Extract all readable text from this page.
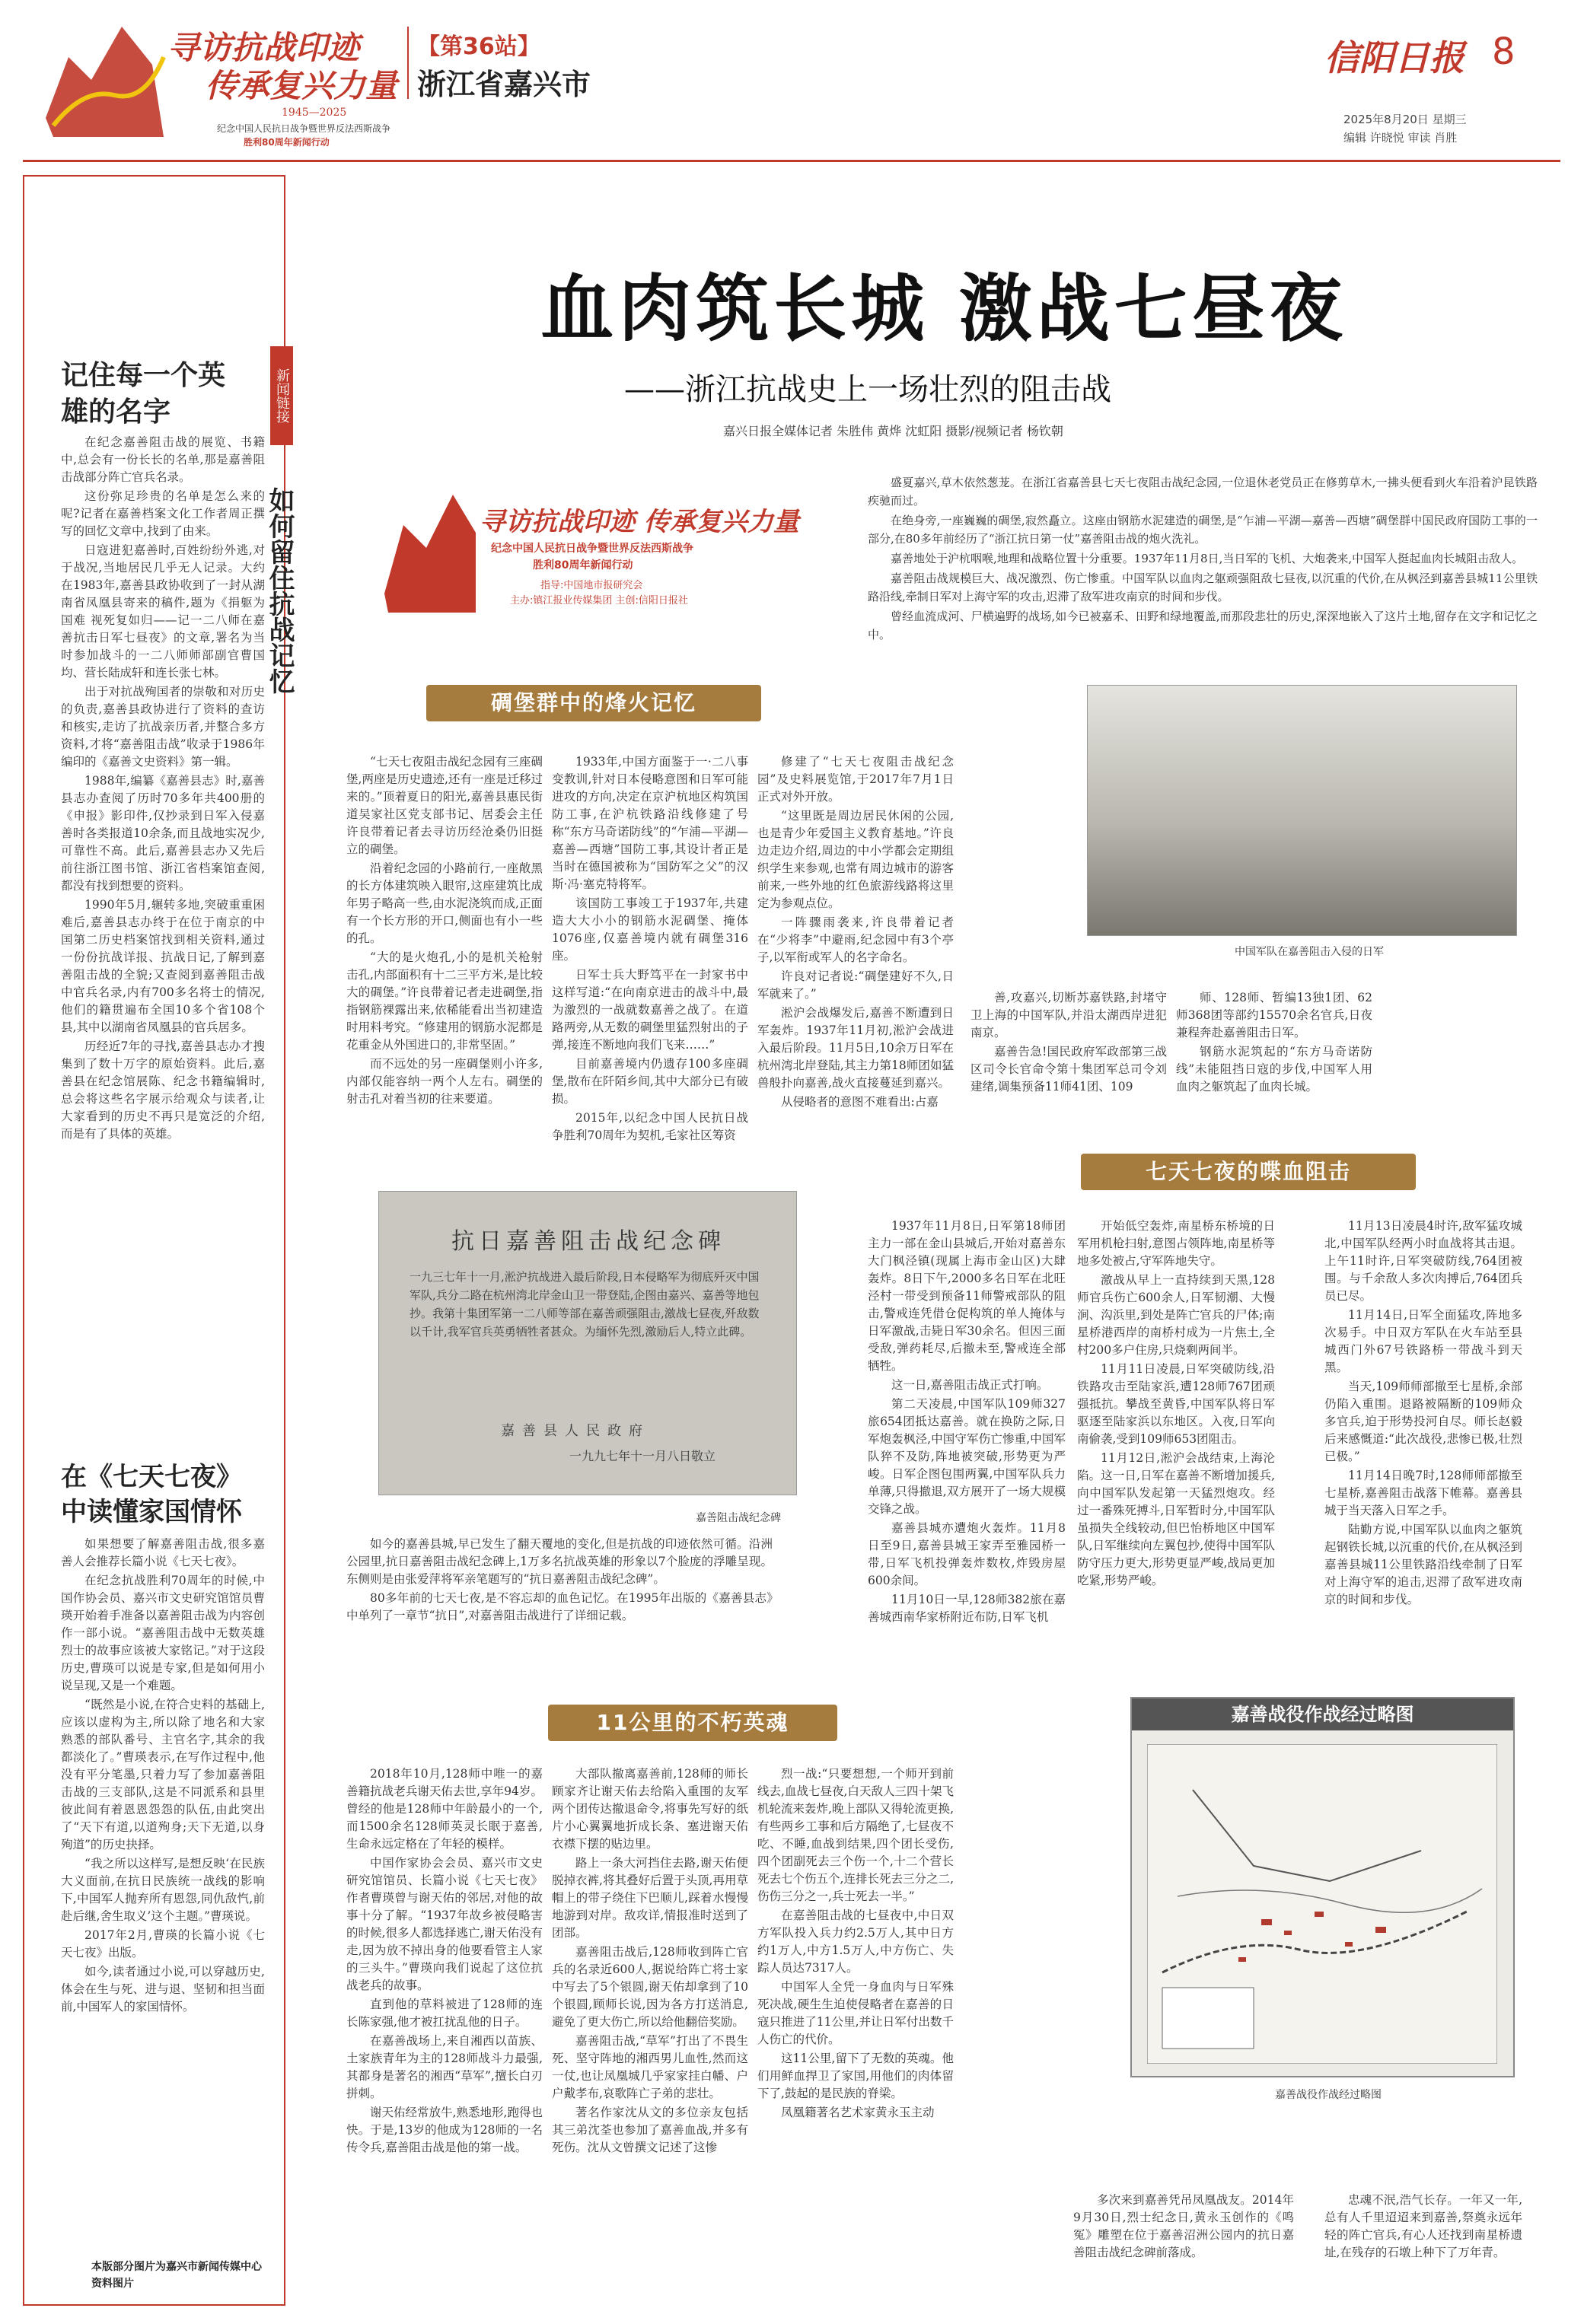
寻访抗战印迹
传承复兴力量
1945—2025
纪念中国人民抗日战争暨世界反法西斯战争
胜利80周年新闻行动
【第36站】
浙江省嘉兴市
信阳日报 8
2025年8月20日 星期三
编辑 许晓悦 审读 肖胜
新闻链接
如何留住抗战记忆
记住每一个英雄的名字

在纪念嘉善阻击战的展览、书籍中,总会有一份长长的名单,那是嘉善阻击战部分阵亡官兵名录。

这份弥足珍贵的名单是怎么来的呢?记者在嘉善档案文化工作者周正撰写的回忆文章中,找到了由来。

日寇进犯嘉善时,百姓纷纷外逃,对于战况,当地居民几乎无人记录。大约在1983年,嘉善县政协收到了一封从湖南省凤凰县寄来的稿件,题为《捐躯为国难 视死复如归——记一二八师在嘉善抗击日军七昼夜》的文章,署名为当时参加战斗的一二八师师部副官曹国均、营长陆成轩和连长张七林。

出于对抗战殉国者的崇敬和对历史的负责,嘉善县政协进行了资料的查访和核实,走访了抗战亲历者,并整合多方资料,才将“嘉善阻击战”收录于1986年编印的《嘉善文史资料》第一辑。

1988年,编纂《嘉善县志》时,嘉善县志办查阅了历时70多年共400册的《申报》影印件,仅抄录到日军入侵嘉善时各类报道10余条,而且战地实况少,可靠性不高。此后,嘉善县志办又先后前往浙江图书馆、浙江省档案馆查阅,都没有找到想要的资料。

1990年5月,辗转多地,突破重重困难后,嘉善县志办终于在位于南京的中国第二历史档案馆找到相关资料,通过一份份抗战详报、抗战日记,了解到嘉善阻击战的全貌;又查阅到嘉善阻击战中官兵名录,内有700多名将士的情况,他们的籍贯遍布全国10多个省108个县,其中以湖南省凤凰县的官兵居多。

历经近7年的寻找,嘉善县志办才搜集到了数十万字的原始资料。此后,嘉善县在纪念馆展陈、纪念书籍编辑时,总会将这些名字展示给观众与读者,让大家看到的历史不再只是宽泛的介绍,而是有了具体的英雄。

在《七天七夜》中读懂家国情怀

如果想要了解嘉善阻击战,很多嘉善人会推荐长篇小说《七天七夜》。

在纪念抗战胜利70周年的时候,中国作协会员、嘉兴市文史研究馆馆员曹瑛开始着手准备以嘉善阻击战为内容创作一部小说。“嘉善阻击战中无数英雄烈士的故事应该被大家铭记。”对于这段历史,曹瑛可以说是专家,但是如何用小说呈现,又是一个难题。

“既然是小说,在符合史料的基础上,应该以虚构为主,所以除了地名和大家熟悉的部队番号、主官名字,其余的我都淡化了。”曹瑛表示,在写作过程中,他没有平分笔墨,只着力写了参加嘉善阻击战的三支部队,这是不同派系和县里彼此间有着恩恩怨怨的队伍,由此突出了“天下有道,以道殉身;天下无道,以身殉道”的历史抉择。

“我之所以这样写,是想反映‘在民族大义面前,在抗日民族统一战线的影响下,中国军人抛弃所有恩怨,同仇敌忾,前赴后继,舍生取义’这个主题。”曹瑛说。

2017年2月,曹瑛的长篇小说《七天七夜》出版。

如今,读者通过小说,可以穿越历史,体会在生与死、进与退、坚韧和担当面前,中国军人的家国情怀。

本版部分图片为嘉兴市新闻传媒中心资料图片
血肉筑长城 激战七昼夜
——浙江抗战史上一场壮烈的阻击战
嘉兴日报全媒体记者 朱胜伟 黄烨 沈虹阳 摄影/视频记者 杨钦朝
寻访抗战印迹 传承复兴力量
纪念中国人民抗日战争暨世界反法西斯战争
胜利80周年新闻行动
指导:中国地市报研究会
主办:镇江报业传媒集团 主创:信阳日报社

盛夏嘉兴,草木依然葱茏。在浙江省嘉善县七天七夜阻击战纪念园,一位退休老党员正在修剪草木,一拂头便看到火车沿着沪昆铁路疾驰而过。

在绝身旁,一座巍巍的碉堡,寂然矗立。这座由钢筋水泥建造的碉堡,是“乍浦—平湖—嘉善—西塘”碉堡群中国民政府国防工事的一部分,在80多年前经历了“浙江抗日第一仗”嘉善阻击战的炮火洗礼。

嘉善地处于沪杭咽喉,地理和战略位置十分重要。1937年11月8日,当日军的飞机、大炮袭来,中国军人挺起血肉长城阻击敌人。

嘉善阻击战规模巨大、战况激烈、伤亡惨重。中国军队以血肉之躯顽强阻敌七昼夜,以沉重的代价,在从枫泾到嘉善县城11公里铁路沿线,牵制日军对上海守军的攻击,迟滞了敌军进攻南京的时间和步伐。

曾经血流成河、尸横遍野的战场,如今已被嘉禾、田野和绿地覆盖,而那段悲壮的历史,深深地嵌入了这片土地,留存在文字和记忆之中。

碉堡群中的烽火记忆

“七天七夜阻击战纪念园有三座碉堡,两座是历史遗迹,还有一座是迁移过来的。”顶着夏日的阳光,嘉善县惠民街道吴家社区党支部书记、居委会主任许良带着记者去寻访历经沧桑仍旧挺立的碉堡。

沿着纪念园的小路前行,一座敞黑的长方体建筑映入眼帘,这座建筑比成年男子略高一些,由水泥浇筑而成,正面有一个长方形的开口,侧面也有小一些的孔。

“大的是火炮孔,小的是机关枪射击孔,内部面积有十二三平方米,是比较大的碉堡。”许良带着记者走进碉堡,指指钢筋裸露出来,依稀能看出当初建造时用料考究。“修建用的钢筋水泥都是花重金从外国进口的,非常坚固。”

而不远处的另一座碉堡则小许多,内部仅能容纳一两个人左右。碉堡的射击孔对着当初的往来要道。

1933年,中国方面鉴于一·二八事变教训,针对日本侵略意图和日军可能进攻的方向,决定在京沪杭地区构筑国防工事,在沪杭铁路沿线修建了号称“东方马奇诺防线”的“乍浦—平湖—嘉善—西塘”国防工事,其设计者正是当时在德国被称为“国防军之父”的汉斯·冯·塞克特将军。

该国防工事竣工于1937年,共建造大大小小的钢筋水泥碉堡、掩体1076座,仅嘉善境内就有碉堡316座。

日军士兵大野笃平在一封家书中这样写道:“在向南京进击的战斗中,最为激烈的一战就数嘉善之战了。在道路两旁,从无数的碉堡里猛烈射出的子弹,接连不断地向我们飞来……”

目前嘉善境内仍遗存100多座碉堡,散布在阡陌乡间,其中大部分已有破损。

2015年,以纪念中国人民抗日战争胜利70周年为契机,毛家社区筹资

修建了“七天七夜阻击战纪念园”及史料展览馆,于2017年7月1日正式对外开放。

“这里既是周边居民休闲的公园,也是青少年爱国主义教育基地。”许良边走边介绍,周边的中小学都会定期组织学生来参观,也常有周边城市的游客前来,一些外地的红色旅游线路将这里定为参观点位。

一阵骤雨袭来,许良带着记者在“少将李”中避雨,纪念园中有3个亭子,以军衔或军人的名字命名。

许良对记者说:“碉堡建好不久,日军就来了。”

淞沪会战爆发后,嘉善不断遭到日军轰炸。1937年11月初,淞沪会战进入最后阶段。11月5日,10余万日军在杭州湾北岸登陆,其主力第18师团如猛兽般扑向嘉善,战火直接蔓延到嘉兴。

从侵略者的意图不难看出:占嘉

中国军队在嘉善阻击入侵的日军

善,攻嘉兴,切断苏嘉铁路,封堵守卫上海的中国军队,并沿太湖西岸进犯南京。

嘉善告急!国民政府军政部第三战区司令长官命令第十集团军总司令刘建绪,调集预备11师41团、109

师、128师、暂编13独1团、62师368团等部约15570余名官兵,日夜兼程奔赴嘉善阻击日军。

钢筋水泥筑起的“东方马奇诺防线”未能阻挡日寇的步伐,中国军人用血肉之躯筑起了血肉长城。

抗日嘉善阻击战纪念碑
一九三七年十一月,淞沪抗战进入最后阶段,日本侵略军为彻底歼灭中国军队,兵分二路在杭州湾北岸金山卫一带登陆,企图由嘉兴、嘉善等地包抄。我第十集团军第一二八师等部在嘉善顽强阻击,激战七昼夜,歼敌数以千计,我军官兵英勇牺牲者甚众。为缅怀先烈,激励后人,特立此碑。
嘉善县人民政府
一九九七年十一月八日敬立
嘉善阻击战纪念碑
七天七夜的喋血阻击

1937年11月8日,日军第18师团主力一部在金山县城后,开始对嘉善东大门枫泾镇(现属上海市金山区)大肆轰炸。8日下午,2000多名日军在北旺泾村一带受到预备11师警戒部队的阻击,警戒连凭借仓促构筑的单人掩体与日军激战,击毙日军30余名。但因三面受敌,弹药耗尽,后撤未至,警戒连全部牺牲。

这一日,嘉善阻击战正式打响。

第二天凌晨,中国军队109师327旅654团抵达嘉善。就在换防之际,日军炮轰枫泾,中国守军伤亡惨重,中国军队猝不及防,阵地被突破,形势更为严峻。日军企图包围两翼,中国军队兵力单薄,只得撤退,双方展开了一场大规模交锋之战。

嘉善县城亦遭炮火轰炸。11月8日至9日,嘉善县城王家弄至雅园桥一带,日军飞机投弹轰炸数枚,炸毁房屋600余间。

11月10日一早,128师382旅在嘉善城西南华家桥附近布防,日军飞机

开始低空轰炸,南星桥东桥境的日军用机枪扫射,意图占领阵地,南星桥等地多处被占,守军阵地失守。

激战从早上一直持续到天黑,128师官兵伤亡600余人,日军韧潮、大慢涧、沟浜里,到处是阵亡官兵的尸体;南星桥港西岸的南桥村成为一片焦土,全村200多户住房,只烧剩两间半。

11月11日凌晨,日军突破防线,沿铁路攻击至陆家浜,遭128师767团顽强抵抗。攀战至黄昏,中国军队将日军驱逐至陆家浜以东地区。入夜,日军向南偷袭,受到109师653团阻击。

11月12日,淞沪会战结束,上海沦陷。这一日,日军在嘉善不断增加援兵,向中国军队发起第一天猛烈炮攻。经过一番殊死搏斗,日军暂时分,中国军队虽损失全线较动,但巴怡桥地区中国军队,日军继续向左翼包抄,使得中国军队防守压力更大,形势更显严峻,战局更加吃紧,形势严峻。

11月13日凌晨4时许,敌军猛攻城北,中国军队经两小时血战将其击退。上午11时许,日军突破防线,764团被围。与千余敌人多次肉搏后,764团兵员已尽。

11月14日,日军全面猛攻,阵地多次易手。中日双方军队在火车站至县城西门外67号铁路桥一带战斗到天黑。

当天,109师师部撤至七星桥,余部仍陷入重围。退路被隔断的109师众多官兵,迫于形势投河自尽。师长赵毅后来感慨道:“此次战役,悲惨已极,壮烈已极。”

11月14日晚7时,128师师部撤至七星桥,嘉善阻击战落下帷幕。嘉善县城于当天落入日军之手。

陆勤方说,中国军队以血肉之躯筑起钢铁长城,以沉重的代价,在从枫泾到嘉善县城11公里铁路沿线牵制了日军对上海守军的追击,迟滞了敌军进攻南京的时间和步伐。

如今的嘉善县城,早已发生了翻天覆地的变化,但是抗战的印迹依然可循。沿洲公园里,抗日嘉善阻击战纪念碑上,1万多名抗战英雄的形象以7个脸庞的浮雕呈现。东侧则是由张爱萍将军亲笔题写的“抗日嘉善阻击战纪念碑”。

80多年前的七天七夜,是不容忘却的血色记忆。在1995年出版的《嘉善县志》中单列了一章节“抗日”,对嘉善阻击战进行了详细记载。

11公里的不朽英魂

2018年10月,128师中唯一的嘉善籍抗战老兵谢天佑去世,享年94岁。曾经的他是128师中年龄最小的一个,而1500余名128师英灵长眠于嘉善,生命永远定格在了年轻的模样。

中国作家协会会员、嘉兴市文史研究馆馆员、长篇小说《七天七夜》作者曹瑛曾与谢天佑的邻居,对他的故事十分了解。“1937年故乡被侵略害的时候,很多人都选择逃亡,谢天佑没有走,因为放不掉出身的他要看管主人家的三头牛。”曹瑛向我们说起了这位抗战老兵的故事。

直到他的草料被进了128师的连长陈家强,他才被扛扰乱他的日子。

在嘉善战场上,来自湘西以苗族、土家族青年为主的128师战斗力最强,其都身是著名的湘西“草军”,擅长白刃拼刺。

谢天佑经常放牛,熟悉地形,跑得也快。于是,13岁的他成为128师的一名传令兵,嘉善阻击战是他的第一战。

大部队撤离嘉善前,128师的师长顾家齐让谢天佑去给陷入重围的友军两个团传达撤退命令,将事先写好的纸片小心翼翼地折成长条、塞进谢天佑衣襟下摆的贴边里。

路上一条大河挡住去路,谢天佑便脱掉衣裤,将其叠好后置于头顶,再用草帽上的带子绕住下巴顺儿,踩着水慢慢地游到对岸。敌攻详,情报准时送到了团部。

嘉善阻击战后,128师收到阵亡官兵的名录近600人,据说给阵亡将士家中写去了5个银圆,谢天佑却拿到了10个银圆,顾师长说,因为各方打送消息,避免了更大伤亡,所以给他翻倍奖励。

嘉善阻击战,“草军”打出了不畏生死、坚守阵地的湘西男儿血性,然而这一仗,也让凤凰城几乎家家挂白幡、户户戴孝布,哀歌阵亡子弟的悲壮。

著名作家沈从文的多位亲友包括其三弟沈荃也参加了嘉善血战,并多有死伤。沈从文曾撰文记述了这惨

烈一战:“只要想想,一个师开到前线去,血战七昼夜,白天敌人三四十架飞机轮流来轰炸,晚上部队又得轮流更换,有些两乡工事和后方隔绝了,七昼夜不吃、不睡,血战到结果,四个团长受伤,四个团副死去三个伤一个,十二个营长死去七个伤五个,连排长死去三分之二,伤伤三分之一,兵士死去一半。”

在嘉善阻击战的七昼夜中,中日双方军队投入兵力约2.5万人,其中日方约1万人,中方1.5万人,中方伤亡、失踪人员达7317人。

中国军人全凭一身血肉与日军殊死决战,硬生生迫使侵略者在嘉善的日寇只推进了11公里,并让日军付出数千人伤亡的代价。

这11公里,留下了无数的英魂。他们用鲜血捍卫了家国,用他们的肉体留下了,鼓起的是民族的脊梁。

凤凰籍著名艺术家黄永玉主动

多次来到嘉善凭吊凤凰战友。2014年9月30日,烈士纪念日,黄永玉创作的《鸣冤》雕塑在位于嘉善沼洲公园内的抗日嘉善阻击战纪念碑前落成。

忠魂不泯,浩气长存。一年又一年,总有人千里迢迢来到嘉善,祭奠永远年轻的阵亡官兵,有心人还找到南星桥遗址,在残存的石墩上种下了万年青。

嘉善战役作战经过略图
嘉善战役作战经过略图
